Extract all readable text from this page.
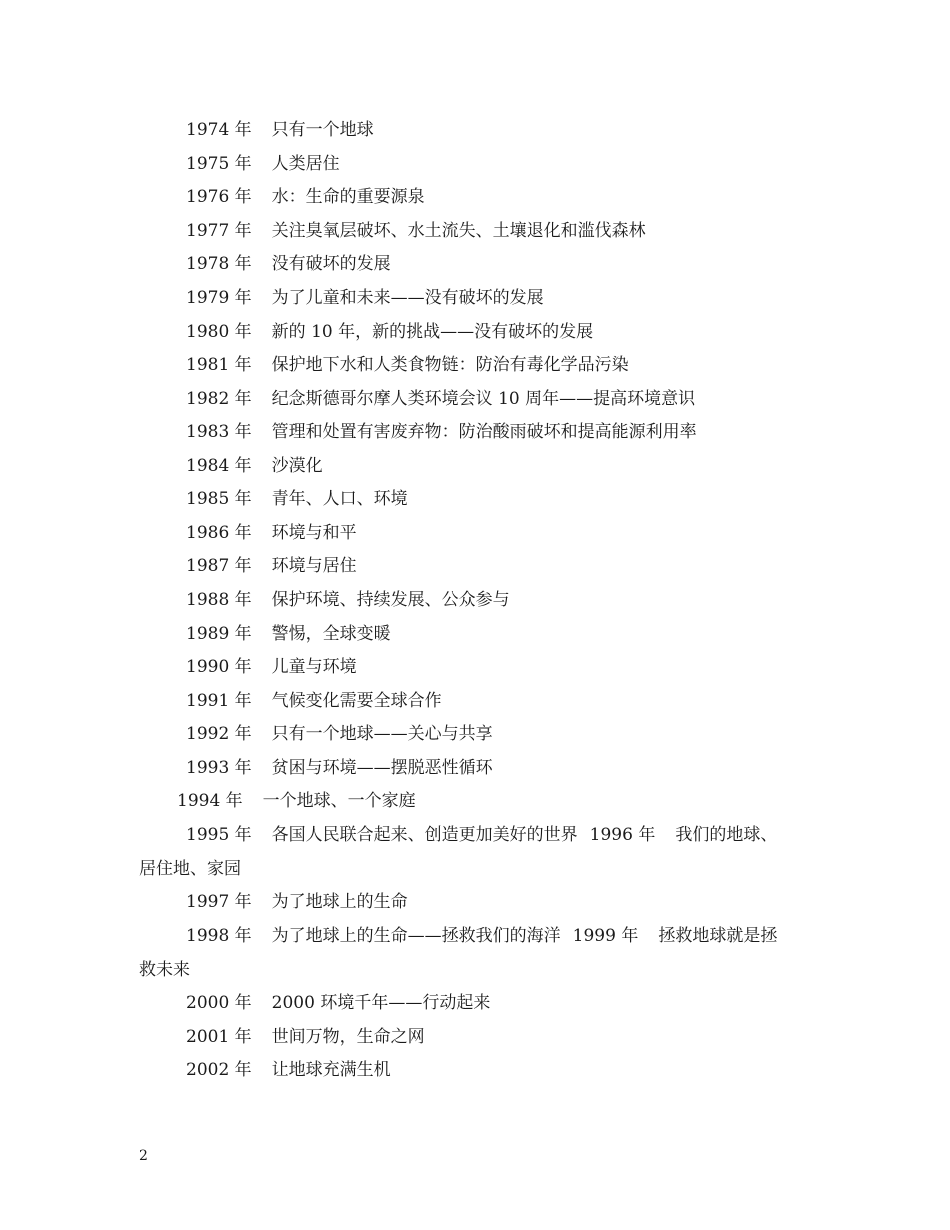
1974 年 只有一个地球
1975 年 人类居住
1976 年 水：生命的重要源泉
1977 年 关注臭氧层破坏、水土流失、土壤退化和滥伐森林
1978 年 没有破坏的发展
1979 年 为了儿童和未来——没有破坏的发展
1980 年 新的 10 年，新的挑战——没有破坏的发展
1981 年 保护地下水和人类食物链：防治有毒化学品污染
1982 年 纪念斯德哥尔摩人类环境会议 10 周年——提高环境意识
1983 年 管理和处置有害废弃物：防治酸雨破坏和提高能源利用率
1984 年 沙漠化
1985 年 青年、人口、环境
1986 年 环境与和平
1987 年 环境与居住
1988 年 保护环境、持续发展、公众参与
1989 年 警惕，全球变暖
1990 年 儿童与环境
1991 年 气候变化需要全球合作
1992 年 只有一个地球——关心与共享
1993 年 贫困与环境——摆脱恶性循环
1994 年 一个地球、一个家庭
1995 年 各国人民联合起来、创造更加美好的世界 1996 年 我们的地球、
居住地、家园
1997 年 为了地球上的生命
1998 年 为了地球上的生命——拯救我们的海洋 1999 年 拯救地球就是拯
救未来
2000 年 2000 环境千年——行动起来
2001 年 世间万物，生命之网
2002 年 让地球充满生机
2
